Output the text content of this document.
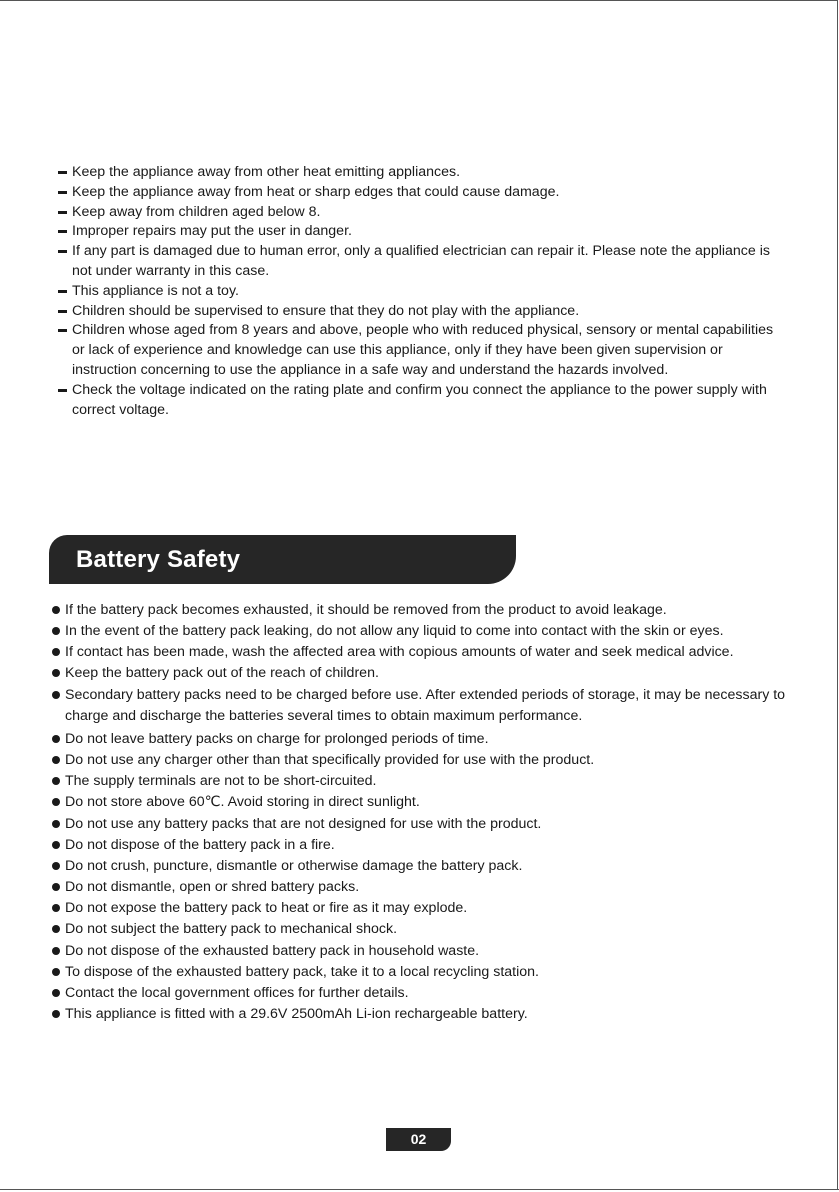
Keep the appliance away from other heat emitting appliances.

Keep the appliance away from heat or sharp edges that could cause damage.

Keep away from children aged below 8.

Improper repairs may put the user in danger.

If any part is damaged due to human error, only a qualified electrician can repair it. Please note the appliance is not under warranty in this case.

This appliance is not a toy.

Children should be supervised to ensure that they do not play with the appliance.

Children whose aged from 8 years and above, people who with reduced physical, sensory or mental capabilities or lack of experience and knowledge can use this appliance, only if they have been given supervision or instruction concerning to use the appliance in a safe way and understand the hazards involved.

Check the voltage indicated on the rating plate and confirm you connect the appliance to the power supply with correct voltage.

Battery Safety

If the battery pack becomes exhausted, it should be removed from the product to avoid leakage.

In the event of the battery pack leaking, do not allow any liquid to come into contact with the skin or eyes.

If contact has been made, wash the affected area with copious amounts of water and seek medical advice.

Keep the battery pack out of the reach of children.

Secondary battery packs need to be charged before use. After extended periods of storage, it may be necessary to charge and discharge the batteries several times to obtain maximum performance.

Do not leave battery packs on charge for prolonged periods of time.

Do not use any charger other than that specifically provided for use with the product.

The supply terminals are not to be short-circuited.

Do not store above 60℃. Avoid storing in direct sunlight.

Do not use any battery packs that are not designed for use with the product.

Do not dispose of the battery pack in a fire.

Do not crush, puncture, dismantle or otherwise damage the battery pack.

Do not dismantle, open or shred battery packs.

Do not expose the battery pack to heat or fire as it may explode.

Do not subject the battery pack to mechanical shock.

Do not dispose of the exhausted battery pack in household waste.

To dispose of the exhausted battery pack, take it to a local recycling station.

Contact the local government offices for further details.

This appliance is fitted with a 29.6V 2500mAh Li-ion rechargeable battery.

02
